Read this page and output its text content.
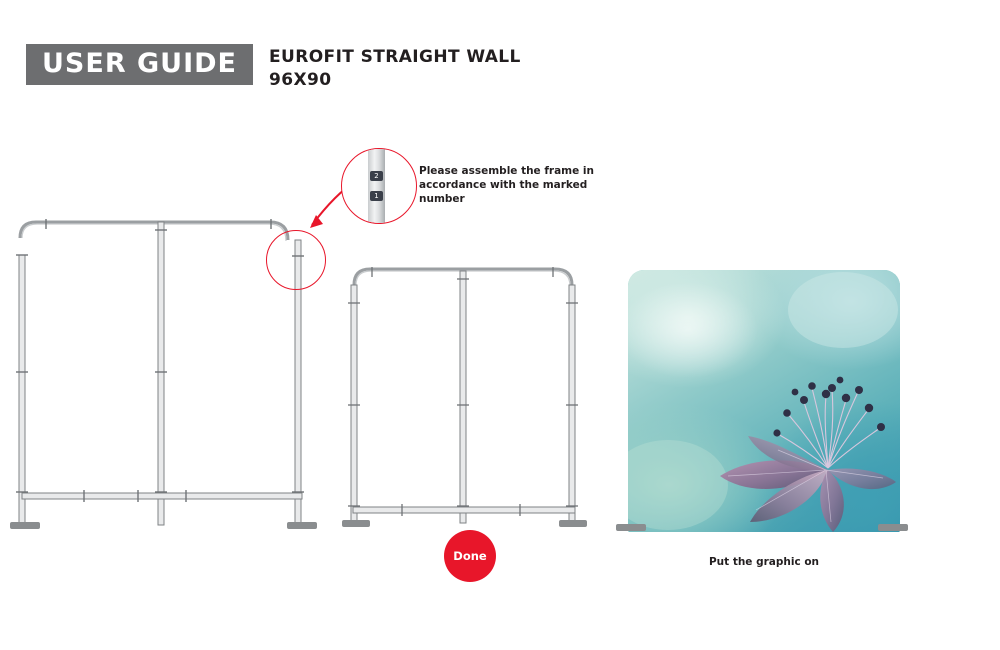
USER GUIDE	EUROFIT STRAIGHT WALL
96X90
2
1
Please assemble the frame in accordance with the marked number
Done	Put the graphic on
